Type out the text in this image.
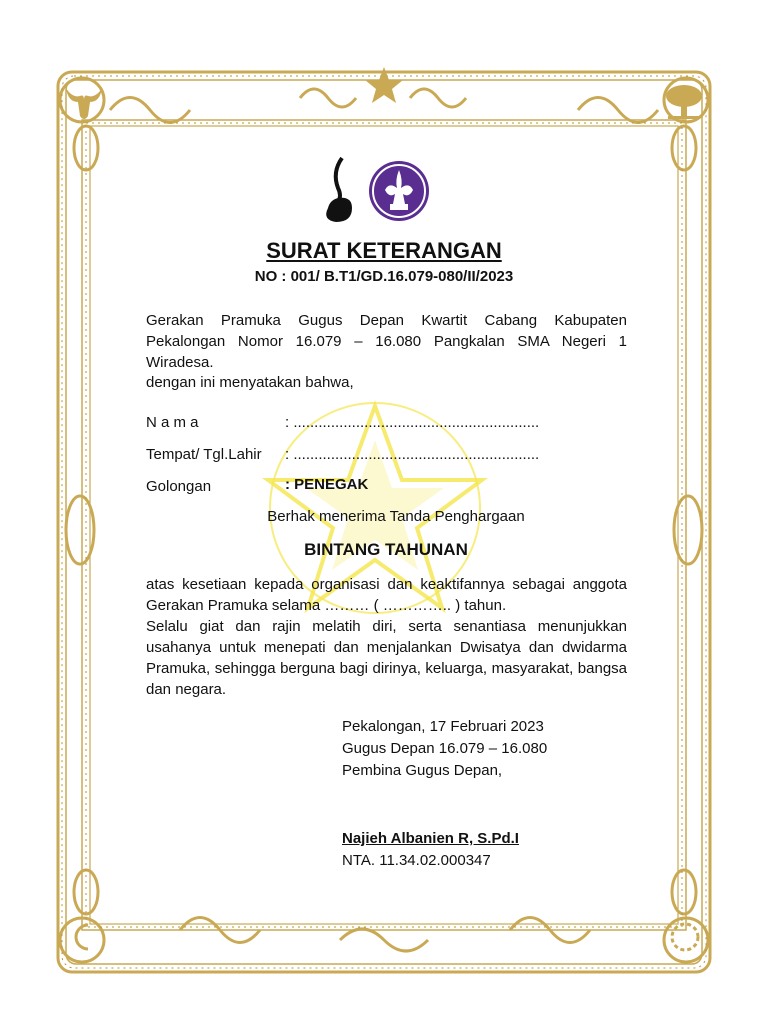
SURAT KETERANGAN
NO : 001/ B.T1/GD.16.079-080/II/2023
Gerakan Pramuka Gugus Depan Kwartit Cabang Kabupaten Pekalongan Nomor 16.079 – 16.080 Pangkalan SMA Negeri 1 Wiradesa.
dengan ini menyatakan bahwa,
N a m a	: ...........................................................
Tempat/ Tgl.Lahir : ...........................................................
Golongan	: PENEGAK
Berhak menerima Tanda Penghargaan
BINTANG TAHUNAN
atas kesetiaan kepada organisasi dan keaktifannya sebagai anggota Gerakan Pramuka selama ……… ( ………….. ) tahun.
Selalu giat dan rajin melatih diri, serta senantiasa menunjukkan usahanya untuk menepati dan menjalankan Dwisatya dan dwidarma Pramuka, sehingga berguna bagi dirinya, keluarga, masyarakat, bangsa dan negara.
Pekalongan, 17 Februari 2023
Gugus Depan 16.079 – 16.080
Pembina Gugus Depan,
Najieh Albanien R, S.Pd.I
NTA. 11.34.02.000347
